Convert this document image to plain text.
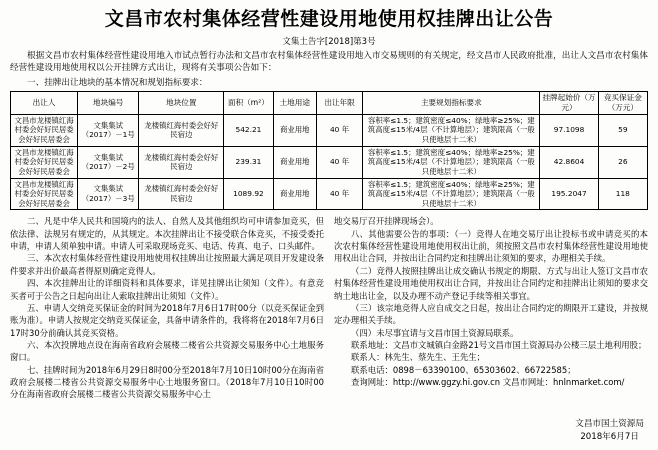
文昌市农村集体经营性建设用地使用权挂牌出让公告
文集土告字[2018]第3号
根据文昌市农村集体经营性建设用地入市试点暂行办法和文昌市农村集体经营性建设用地入市交易规则的有关规定，经文昌市人民政府批准，出让人文昌市农村集体经营性建设用地使用权以公开挂牌方式出让，现将有关事项公告如下：
一、挂牌出让地块的基本情况和规划指标要求：
出让人	地块编号	地块位置	面积（m²）	土地用途	出让年限	主要规划指标要求	挂牌起始价（万元）	竞买保证金（万元）
文昌市龙楼镇红海村委会好好民居委会好好民居委会	文集集试（2017）－1号	龙楼镇红海村委会好好民宿边	542.21	商业用地	40 年	容积率≤1.5；建筑密度≤40%；绿地率≥25%；建筑高度≤15米/4层（不计算地层）；建筑限高（一般只使地层十二米）	97.1098	59
文昌市龙楼镇红海村委会好好民居委会好好民居委会	文集集试（2017）－2号	龙楼镇红海村委会好好民宿边	239.31	商业用地	40 年	容积率≤1.5；建筑密度≤40%；绿地率≥25%；建筑高度≤15米/4层（不计算地层）；建筑限高（一般只使地层十二米）	42.8604	26
文昌市龙楼镇红海村委会好好民居委会好好民居委会	文集集试（2017）－3号	龙楼镇红海村委会好好民宿边	1089.92	商业用地	40 年	容积率≤1.5；建筑密度≤40%；绿地率≥25%；建筑高度≤15米/4层（不计算地层）；建筑限高（一般只使地层十二米）	195.2047	118

二、凡是中华人民共和国境内的法人、自然人及其他组织均可申请参加竞买，但依法律、法规另有规定的，从其规定。本次挂牌出让不接受联合体竞买，不接受委托申请，申请人须单独申请。申请人可采取现场竞买、电话、传真、电子、口头邮件。

三、本次农村集体经营性建设用地使用权挂牌出让按照最大满足项目开发建设条件要求并出价最高者得原则确定竞得人。

四、本次挂牌出让的详细资料和具体要求，详见挂牌出让须知（文件）。有意竞买者可于公告之日起向出让人索取挂牌出让须知（文件）。

五、申请人交纳竞买保证金的时间为2018年7月6日17时00分（以竞买保证金到账为准）。申请人按规定交纳竞买保证金，具备申请条件的，我将将在2018年7月6日17时30分前确认其竞买资格。

六、本次投牌地点设在海南省政府会展楼二楼省公共资源交易服务中心土地服务窗口。

七、挂牌时间为2018年6月29日8时00分至2018年7月10日10时00分在海南省政府会展楼二楼省公共资源交易服务中心土地服务窗口。（2018年7月10日10时00分在海南省政府会展楼二楼省公共资源交易服务中心土

地交易厅召开挂牌现场会）。

八、其他需要公告的事项：（一）竞得人在地交易厅出让投标书或申请竞买的本次农村集体经营性建设用地使用权出让前，须按照文昌市农村集体经营性建设用地使用权出让合同，并按出让合同约定和挂牌出让须知的要求，办理相关手续。

（二）竞得人按照挂牌出让成交确认书规定的期限、方式与出让人签订文昌市农村集体经营性建设用地使用权出让合同，并按出让合同约定和挂牌出让须知的要求交纳土地出让金，以及办理不动产登记手续等相关事宜。

（三）该宗地竞得人应自成交之日起，按出让合同约定的期限开工建设，并按规定办理相关手续。

（四）未尽事宜请与文昌市国土资源局联系。

联系地址：文昌市文城镇白金路21号文昌市国土资源局办公楼三层土地利用股；

联系人：林先生、蔡先生、王先生；

联系电话：0898－63390100、65303602、66722585；

查询网址：http://www.ggzy.hi.gov.cn 文昌市网址：hnlnmarket.com/

文昌市国土资源局
2018年6月7日
